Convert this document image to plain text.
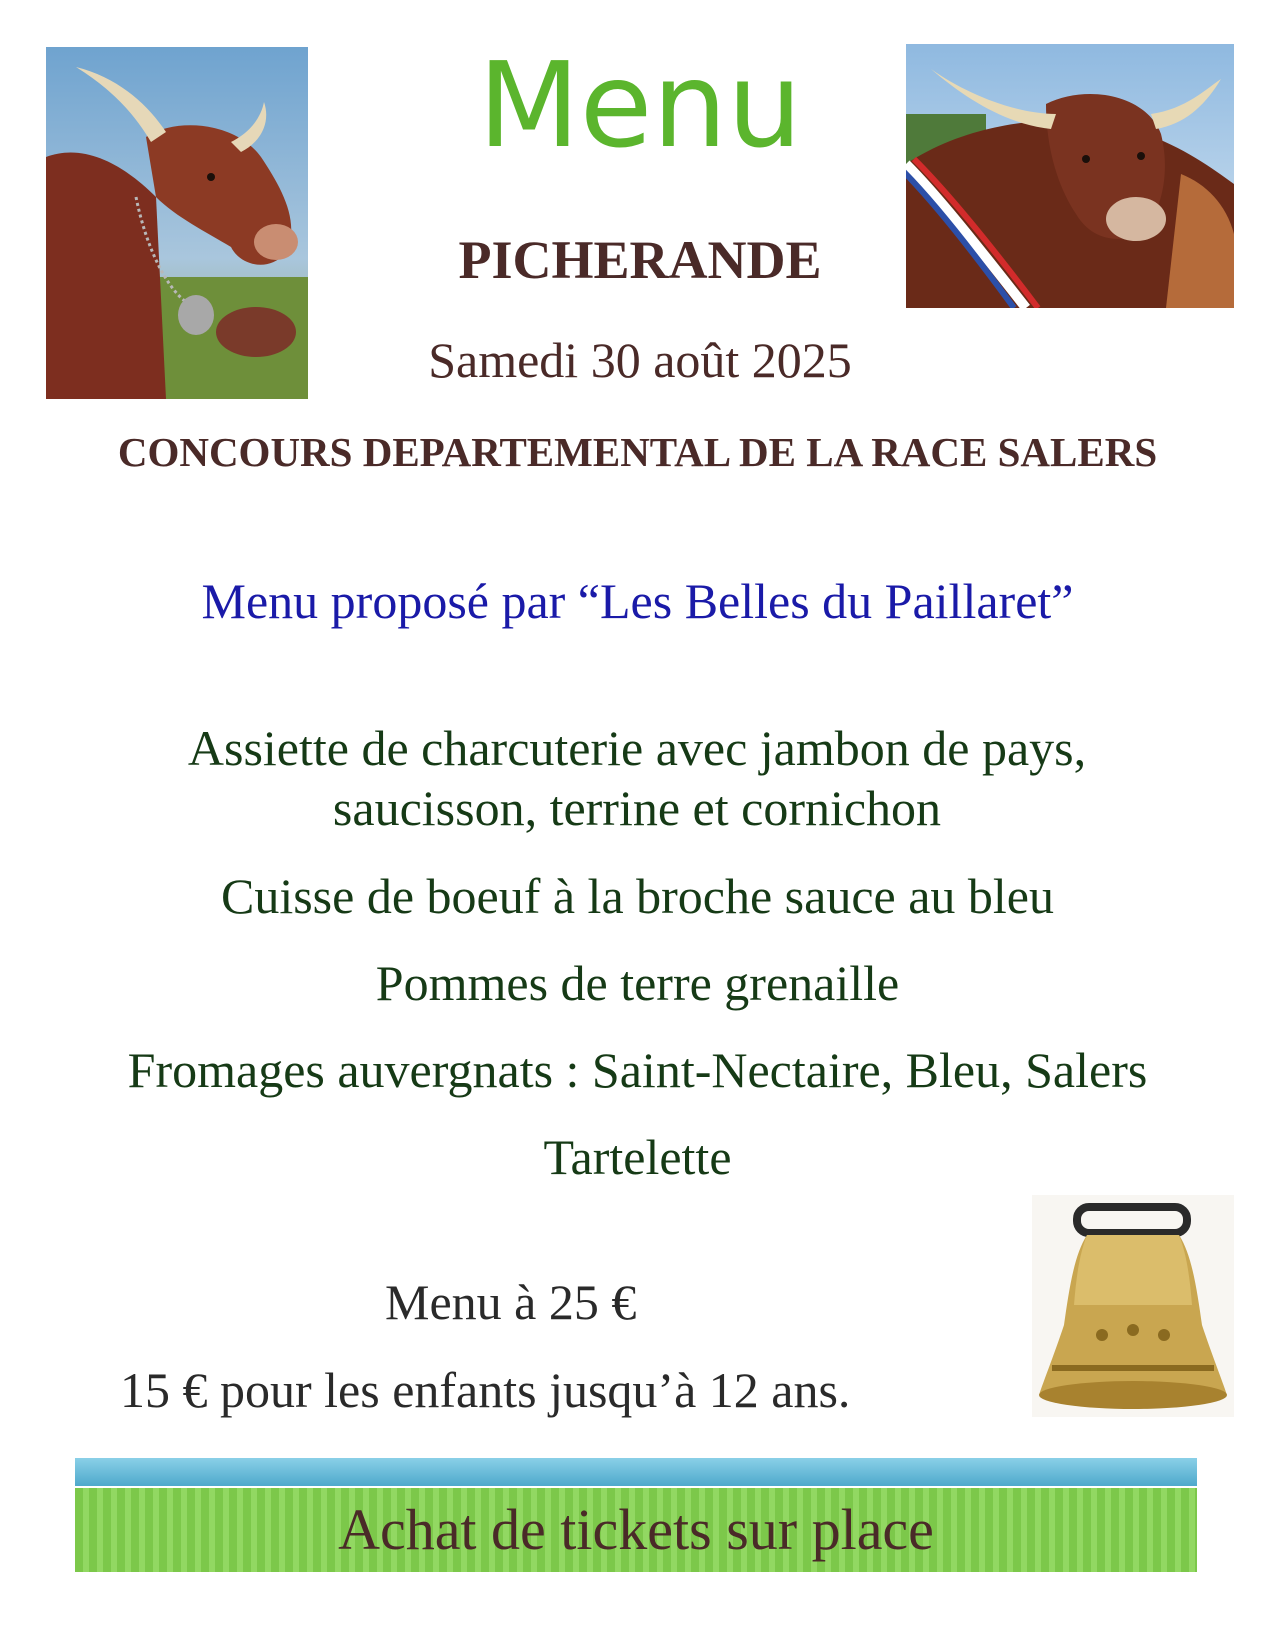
Menu
PICHERANDE
Samedi 30 août 2025
CONCOURS DEPARTEMENTAL DE LA RACE SALERS
Menu proposé par “Les Belles du Paillaret”
Assiette de charcuterie avec jambon de pays, saucisson, terrine et cornichon
Cuisse de boeuf à la broche sauce au bleu
Pommes de terre grenaille
Fromages auvergnats : Saint-Nectaire, Bleu, Salers
Tartelette
Menu à 25 €
15 € pour les enfants jusqu’à 12 ans.
Achat de tickets sur place
